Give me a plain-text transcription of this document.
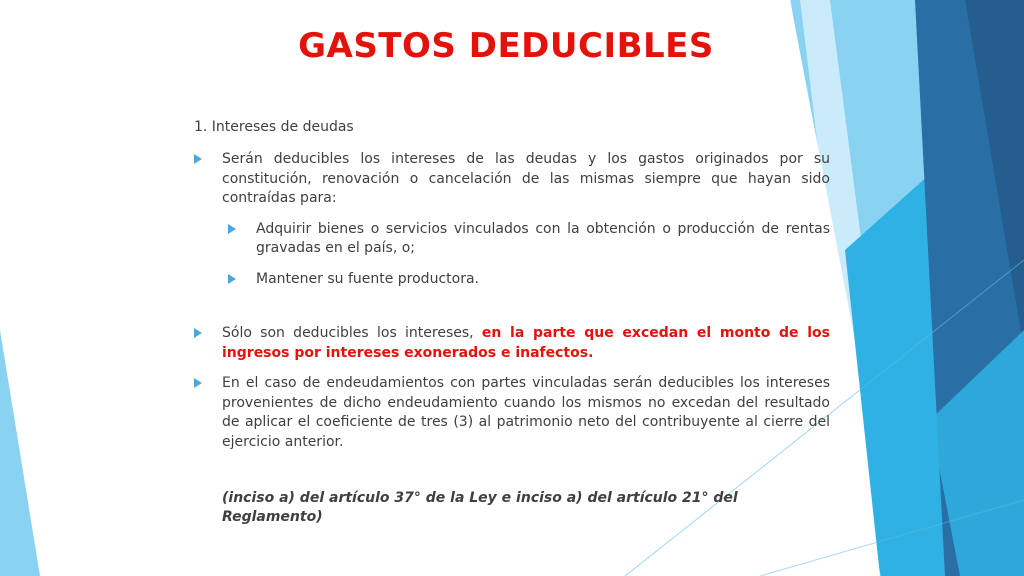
GASTOS DEDUCIBLES
1. Intereses de deudas
Serán deducibles los intereses de las deudas y los gastos originados por su constitución, renovación o cancelación de las mismas siempre que hayan sido contraídas para:
Adquirir bienes o servicios vinculados con la obtención o producción de rentas gravadas en el país, o;
Mantener su fuente productora.
Sólo son deducibles los intereses, en la parte que excedan el monto de los ingresos por intereses exonerados e inafectos.
En el caso de endeudamientos con partes vinculadas serán deducibles los intereses provenientes de dicho endeudamiento cuando los mismos no excedan del resultado de aplicar el coeficiente de tres (3) al patrimonio neto del contribuyente al cierre del ejercicio anterior.
(inciso a) del artículo 37° de la Ley e inciso a) del artículo 21° del Reglamento)
